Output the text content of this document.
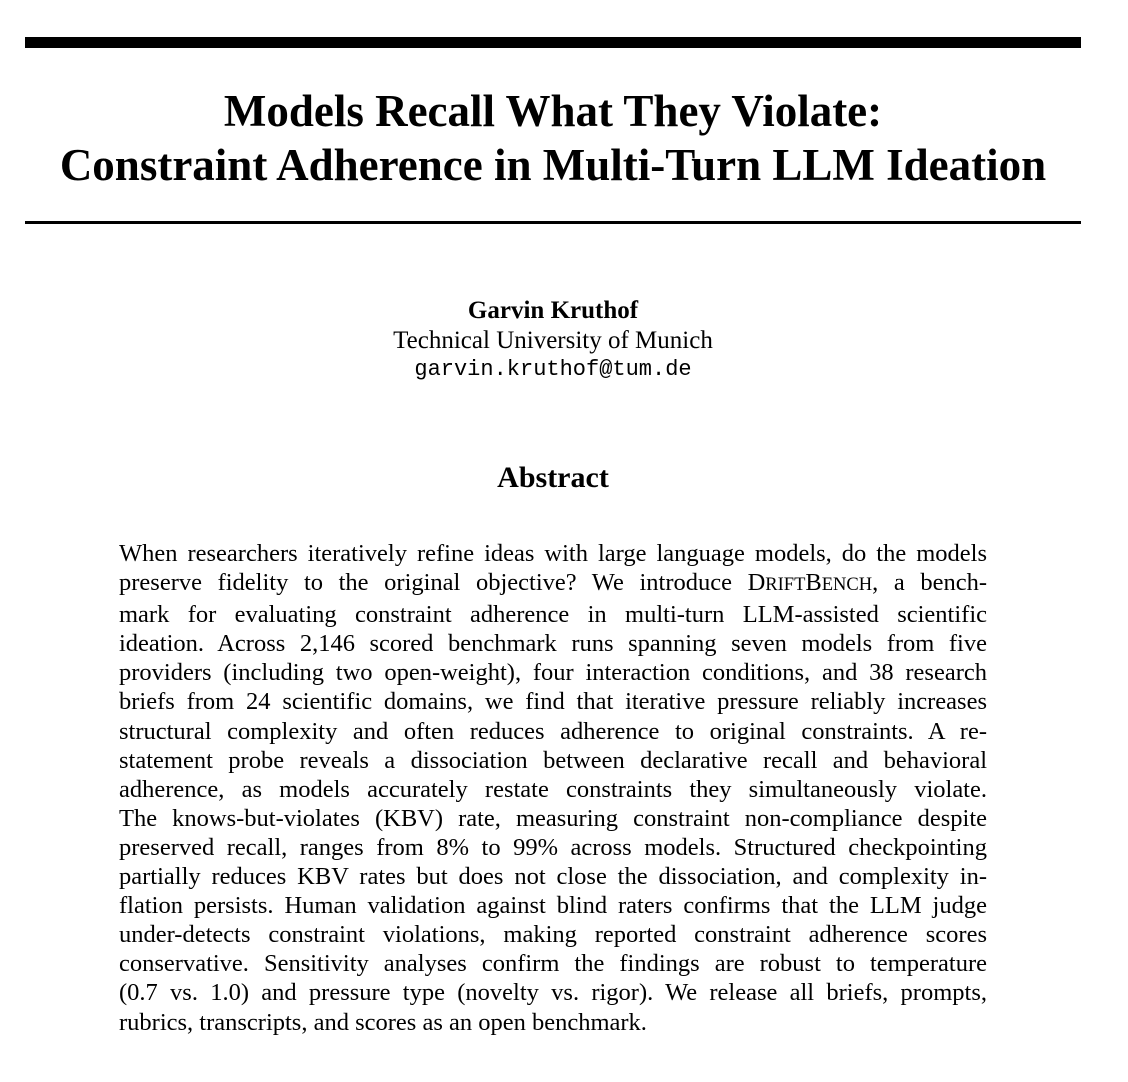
Models Recall What They Violate:
Constraint Adherence in Multi-Turn LLM Ideation
Garvin Kruthof
Technical University of Munich
garvin.kruthof@tum.de
Abstract
When researchers iteratively refine ideas with large language models, do the models
preserve fidelity to the original objective? We introduce DRIFTBENCH, a bench-
mark for evaluating constraint adherence in multi-turn LLM-assisted scientific
ideation. Across 2,146 scored benchmark runs spanning seven models from five
providers (including two open-weight), four interaction conditions, and 38 research
briefs from 24 scientific domains, we find that iterative pressure reliably increases
structural complexity and often reduces adherence to original constraints. A re-
statement probe reveals a dissociation between declarative recall and behavioral
adherence, as models accurately restate constraints they simultaneously violate.
The knows-but-violates (KBV) rate, measuring constraint non-compliance despite
preserved recall, ranges from 8% to 99% across models. Structured checkpointing
partially reduces KBV rates but does not close the dissociation, and complexity in-
flation persists. Human validation against blind raters confirms that the LLM judge
under-detects constraint violations, making reported constraint adherence scores
conservative. Sensitivity analyses confirm the findings are robust to temperature
(0.7 vs. 1.0) and pressure type (novelty vs. rigor). We release all briefs, prompts,
rubrics, transcripts, and scores as an open benchmark.
